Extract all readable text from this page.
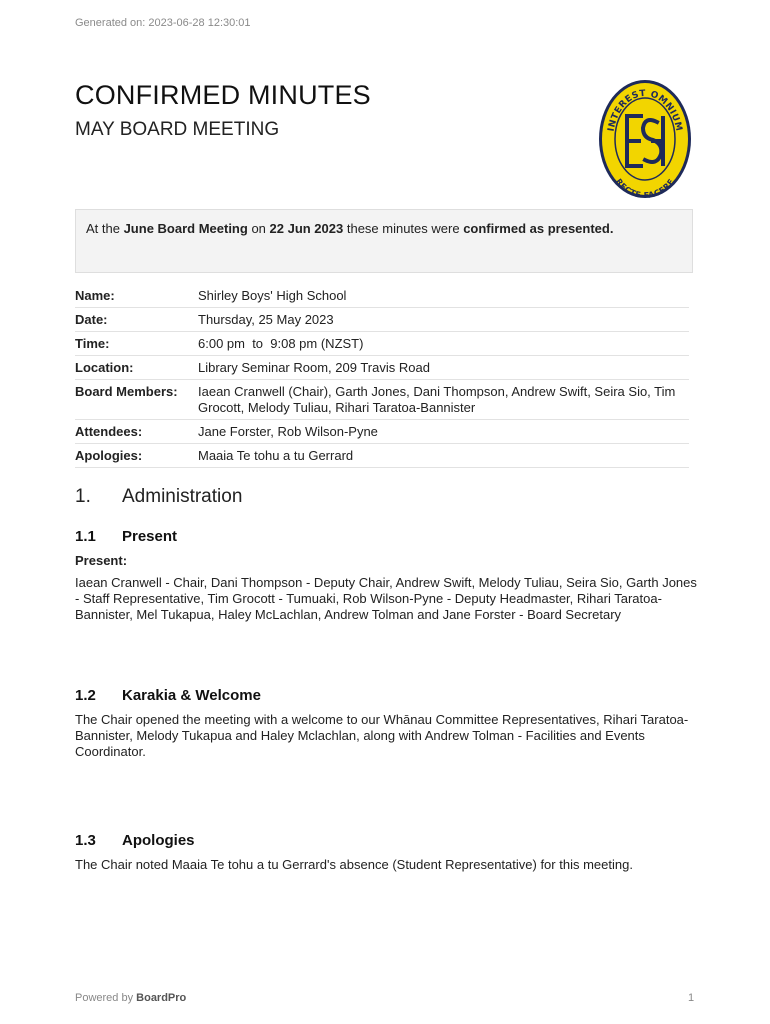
Generated on: 2023-06-28 12:30:01
CONFIRMED MINUTES
MAY BOARD MEETING	INTEREST OMNIUM
RECTE FACERE
At the June Board Meeting on 22 Jun 2023 these minutes were confirmed as presented.
Name:	Shirley Boys' High School
Date:	Thursday, 25 May 2023
Time:	6:00 pm  to  9:08 pm (NZST)
Location:	Library Seminar Room, 209 Travis Road
Board Members:	Iaean Cranwell (Chair), Garth Jones, Dani Thompson, Andrew Swift, Seira Sio, Tim Grocott, Melody Tuliau, Rihari Taratoa-Bannister
Attendees:	Jane Forster, Rob Wilson-Pyne
Apologies:	Maaia Te tohu a tu Gerrard
1. Administration
1.1 Present
Present:
Iaean Cranwell - Chair, Dani Thompson - Deputy Chair, Andrew Swift, Melody Tuliau, Seira Sio, Garth Jones - Staff Representative, Tim Grocott - Tumuaki, Rob Wilson-Pyne - Deputy Headmaster, Rihari Taratoa-Bannister, Mel Tukapua, Haley McLachlan, Andrew Tolman and Jane Forster - Board Secretary
1.2 Karakia & Welcome
The Chair opened the meeting with a welcome to our Whānau Committee Representatives, Rihari Taratoa-Bannister, Melody Tukapua and Haley Mclachlan, along with Andrew Tolman - Facilities and Events Coordinator.
1.3 Apologies
The Chair noted Maaia Te tohu a tu Gerrard's absence (Student Representative) for this meeting.
Powered by BoardPro	1
